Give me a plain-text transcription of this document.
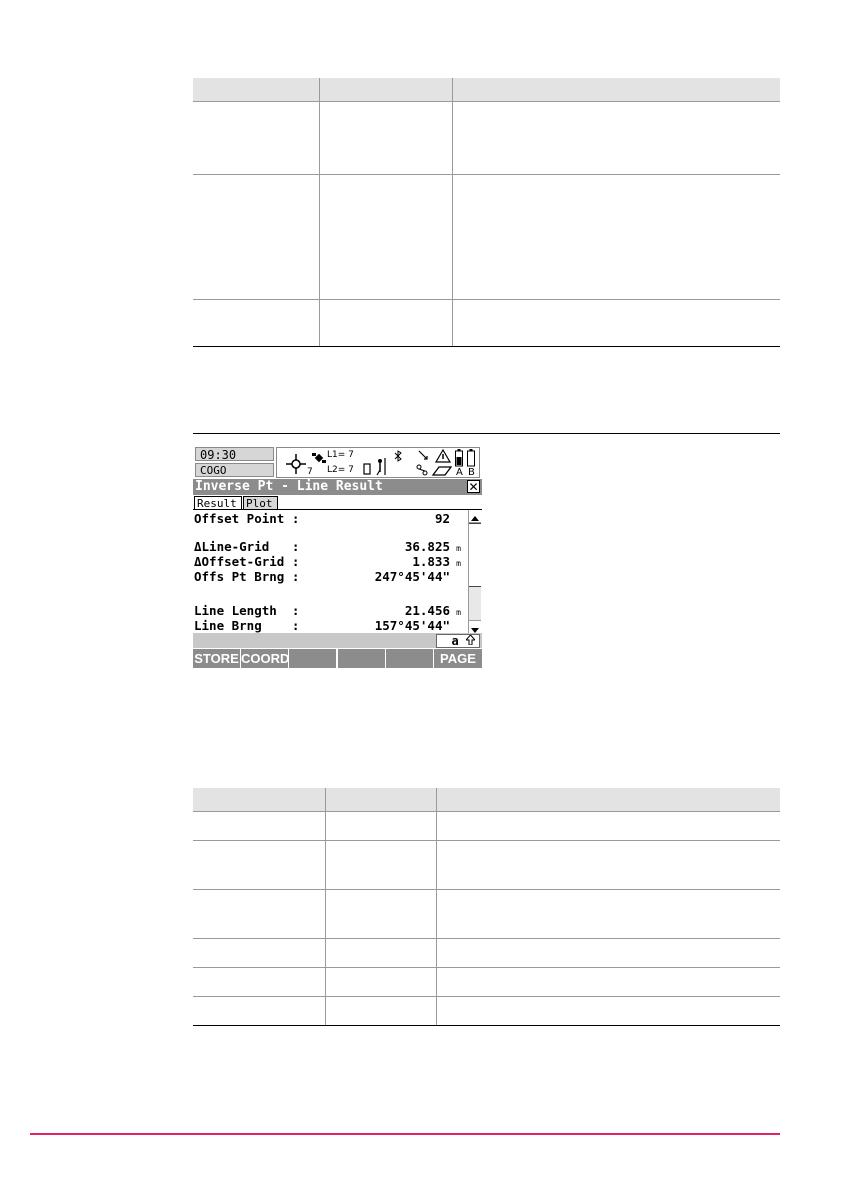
09:30
COGO	7
L1= 7
L2= 7	A B
Inverse Pt - Line Result	✕
Result Plot
Offset Point :	92
ΔLine-Grid   :	36.825 m
ΔOffset-Grid :	1.833 m
Offs Pt Brng :	247°45'44"
Line Length  :	21.456 m
Line Brng    :	157°45'44"
a
STORE COORD	PAGE
